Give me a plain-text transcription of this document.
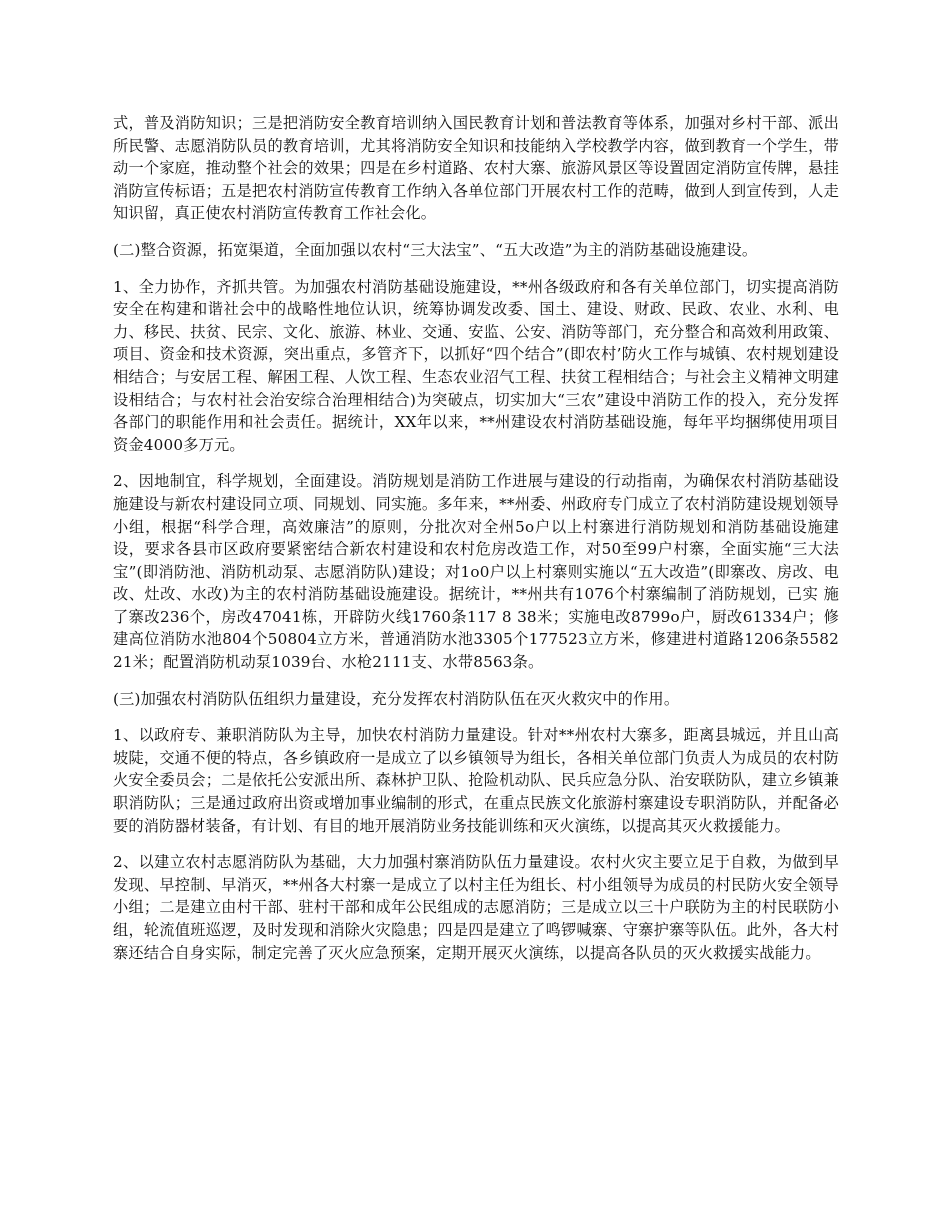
式，普及消防知识；三是把消防安全教育培训纳入国民教育计划和普法教育等体系，加强对乡村干部、派出所民警、志愿消防队员的教育培训，尤其将消防安全知识和技能纳入学校教学内容，做到教育一个学生，带动一个家庭，推动整个社会的效果；四是在乡村道路、农村大寨、旅游风景区等设置固定消防宣传牌，悬挂消防宣传标语；五是把农村消防宣传教育工作纳入各单位部门开展农村工作的范畴，做到人到宣传到，人走知识留，真正使农村消防宣传教育工作社会化。

(二)整合资源，拓宽渠道，全面加强以农村“三大法宝”、“五大改造”为主的消防基础设施建设。

1、全力协作，齐抓共管。为加强农村消防基础设施建设，**州各级政府和各有关单位部门，切实提高消防安全在构建和谐社会中的战略性地位认识，统筹协调发改委、国土、建设、财政、民政、农业、水利、电力、移民、扶贫、民宗、文化、旅游、林业、交通、安监、公安、消防等部门，充分整合和高效利用政策、项目、资金和技术资源，突出重点，多管齐下，以抓好“四个结合”(即农村’防火工作与城镇、农村规划建设相结合；与安居工程、解困工程、人饮工程、生态农业沼气工程、扶贫工程相结合；与社会主义精神文明建设相结合；与农村社会治安综合治理相结合)为突破点，切实加大“三农”建设中消防工作的投入，充分发挥各部门的职能作用和社会责任。据统计，XX年以来，**州建设农村消防基础设施，每年平均捆绑使用项目资金4000多万元。

2、因地制宜，科学规划，全面建设。消防规划是消防工作进展与建设的行动指南，为确保农村消防基础设施建设与新农村建设同立项、同规划、同实施。多年来，**州委、州政府专门成立了农村消防建设规划领导小组，根据“科学合理，高效廉洁”的原则，分批次对全州5o户以上村寨进行消防规划和消防基础设施建设，要求各县市区政府要紧密结合新农村建设和农村危房改造工作，对50至99户村寨，全面实施“三大法宝”(即消防池、消防机动泵、志愿消防队)建设；对1o0户以上村寨则实施以“五大改造”(即寨改、房改、电改、灶改、水改)为主的农村消防基础设施建设。据统计，**州共有1076个村寨编制了消防规划，已实 施了寨改236个，房改47041栋，开辟防火线1760条117 8 38米；实施电改8799o户，厨改61334户；修建高位消防水池804个50804立方米，普通消防水池3305个177523立方米，修建进村道路1206条558221米；配置消防机动泵1039台、水枪2111支、水带8563条。

(三)加强农村消防队伍组织力量建设，充分发挥农村消防队伍在灭火救灾中的作用。

1、以政府专、兼职消防队为主导，加快农村消防力量建设。针对**州农村大寨多，距离县城远，并且山高坡陡，交通不便的特点，各乡镇政府一是成立了以乡镇领导为组长，各相关单位部门负责人为成员的农村防火安全委员会；二是依托公安派出所、森林护卫队、抢险机动队、民兵应急分队、治安联防队，建立乡镇兼职消防队；三是通过政府出资或增加事业编制的形式，在重点民族文化旅游村寨建设专职消防队，并配备必要的消防器材装备，有计划、有目的地开展消防业务技能训练和灭火演练，以提高其灭火救援能力。

2、以建立农村志愿消防队为基础，大力加强村寨消防队伍力量建设。农村火灾主要立足于自救，为做到早发现、早控制、早消灭，**州各大村寨一是成立了以村主任为组长、村小组领导为成员的村民防火安全领导小组；二是建立由村干部、驻村干部和成年公民组成的志愿消防；三是成立以三十户联防为主的村民联防小组，轮流值班巡逻，及时发现和消除火灾隐患；四是四是建立了鸣锣喊寨、守寨护寨等队伍。此外，各大村寨还结合自身实际，制定完善了灭火应急预案，定期开展灭火演练，以提高各队员的灭火救援实战能力。
